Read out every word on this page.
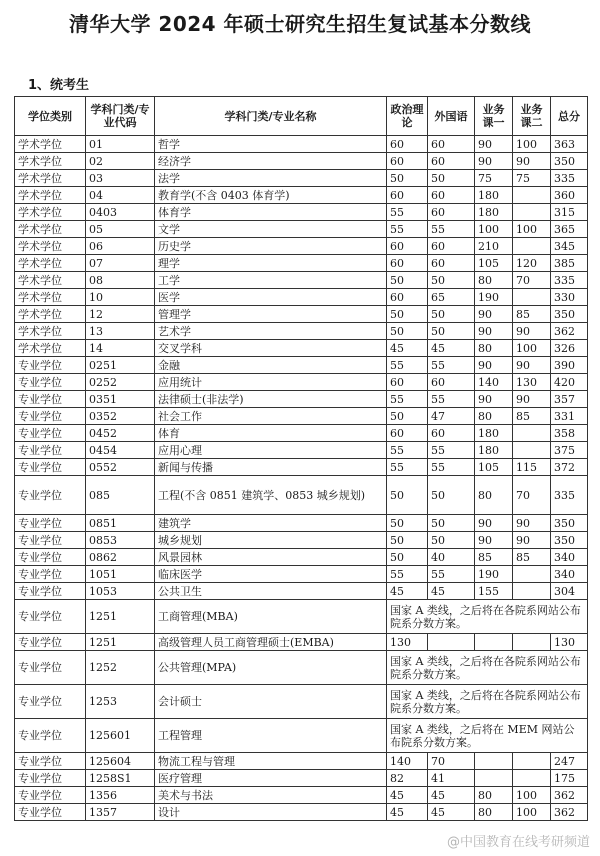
清华大学 2024 年硕士研究生招生复试基本分数线
1、统考生
学位类别	学科门类/专业代码	学科门类/专业名称	政治理论	外国语	业务课一	业务课二	总分
学术学位	01	哲学	60	60	90	100	363
学术学位	02	经济学	60	60	90	90	350
学术学位	03	法学	50	50	75	75	335
学术学位	04	教育学(不含 0403 体育学)	60	60	180		360
学术学位	0403	体育学	55	60	180		315
学术学位	05	文学	55	55	100	100	365
学术学位	06	历史学	60	60	210		345
学术学位	07	理学	60	60	105	120	385
学术学位	08	工学	50	50	80	70	335
学术学位	10	医学	60	65	190		330
学术学位	12	管理学	50	50	90	85	350
学术学位	13	艺术学	50	50	90	90	362
学术学位	14	交叉学科	45	45	80	100	326
专业学位	0251	金融	55	55	90	90	390
专业学位	0252	应用统计	60	60	140	130	420
专业学位	0351	法律硕士(非法学)	55	55	90	90	357
专业学位	0352	社会工作	50	47	80	85	331
专业学位	0452	体育	60	60	180		358
专业学位	0454	应用心理	55	55	180		375
专业学位	0552	新闻与传播	55	55	105	115	372
专业学位	085	工程(不含 0851 建筑学、0853 城乡规划)	50	50	80	70	335
专业学位	0851	建筑学	50	50	90	90	350
专业学位	0853	城乡规划	50	50	90	90	350
专业学位	0862	风景园林	50	40	85	85	340
专业学位	1051	临床医学	55	55	190		340
专业学位	1053	公共卫生	45	45	155		304
专业学位	1251	工商管理(MBA)	国家 A 类线，之后将在各院系网站公布院系分数方案。				
专业学位	1251	高级管理人员工商管理硕士(EMBA)	130				130
专业学位	1252	公共管理(MPA)	国家 A 类线，之后将在各院系网站公布院系分数方案。				
专业学位	1253	会计硕士	国家 A 类线，之后将在各院系网站公布院系分数方案。				
专业学位	125601	工程管理	国家 A 类线，之后将在 MEM 网站公布院系分数方案。				
专业学位	125604	物流工程与管理	140	70			247
专业学位	1258S1	医疗管理	82	41			175
专业学位	1356	美术与书法	45	45	80	100	362
专业学位	1357	设计	45	45	80	100	362
@中国教育在线考研频道
